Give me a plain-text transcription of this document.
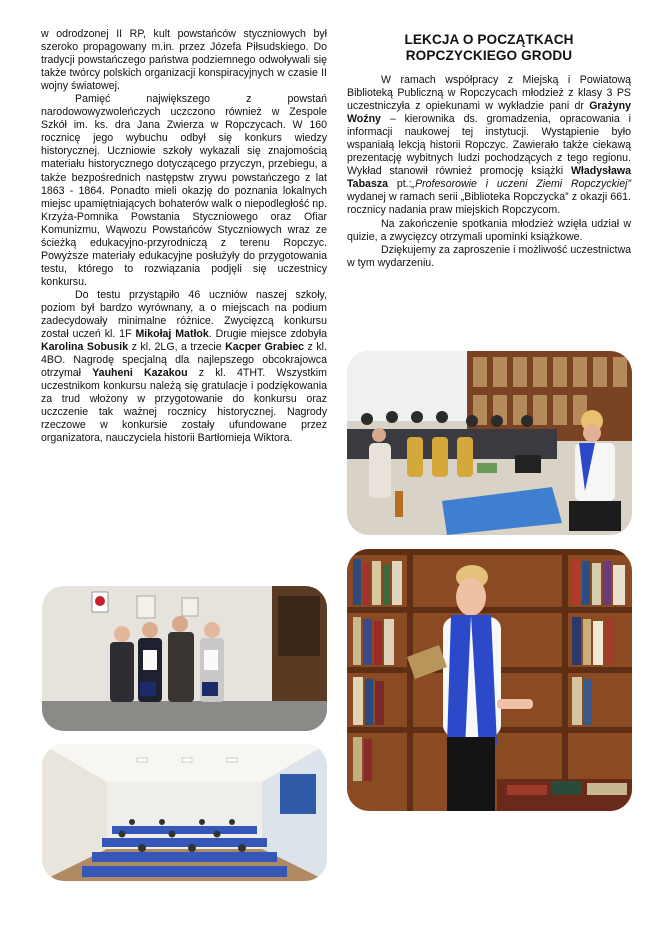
w odrodzonej II RP, kult powstańców styczniowych był szeroko propagowany m.in. przez Józefa Piłsudskiego. Do tradycji powstańczego państwa podziemnego odwoływali się także twórcy polskich organizacji konspiracyjnych w czasie II wojny światowej.

Pamięć największego z powstań narodowowyzwoleńczych uczczono również w Zespole Szkół im. ks. dra Jana Zwierza w Ropczycach. W 160 rocznicę jego wybuchu odbył się konkurs wiedzy historycznej. Uczniowie szkoły wykazali się znajomością materiału historycznego dotyczącego przyczyn, przebiegu, a także bezpośrednich następstw zrywu powstańczego z lat 1863 - 1864. Ponadto mieli okazję do poznania lokalnych miejsc upamiętniających bohaterów walk o niepodległość np. Krzyża-Pomnika Powstania Styczniowego oraz Ofiar Komunizmu, Wąwozu Powstańców Styczniowych wraz ze ścieżką edukacyjno-przyrodniczą z terenu Ropczyc. Powyższe materiały edukacyjne posłużyły do przygotowania testu, którego to rozwiązania podjęli się uczestnicy konkursu.

Do testu przystąpiło 46 uczniów naszej szkoły, poziom był bardzo wyrównany, a o miejscach na podium zadecydowały minimalne różnice. Zwycięzcą konkursu został uczeń kl. 1F Mikołaj Matłok. Drugie miejsce zdobyła Karolina Sobusik z kl. 2LG, a trzecie Kacper Grabiec z kl. 4BO. Nagrodę specjalną dla najlepszego obcokrajowca otrzymał Yauheni Kazakou z kl. 4THT. Wszystkim uczestnikom konkursu należą się gratulacje i podziękowania za trud włożony w przygotowanie do konkursu oraz uczczenie tak ważnej rocznicy historycznej. Nagrody rzeczowe w konkursie zostały ufundowane przez organizatora, nauczyciela historii Bartłomieja Wiktora.

LEKCJA O POCZĄTKACH
ROPCZYCKIEGO GRODU

W ramach współpracy z Miejską i Powiatową Biblioteką Publiczną w Ropczycach młodzież z klasy 3 PS uczestniczyła z opiekunami w wykładzie pani dr Grażyny Woźny – kierownika ds. gromadzenia, opracowania i informacji naukowej tej instytucji. Wystąpienie było wspaniałą lekcją historii Ropczyc. Zawierało także ciekawą prezentację wybitnych ludzi pochodzących z tego regionu. Wykład stanowił również promocję książki Władysława Tabasza pt.:„Profesorowie i uczeni Ziemi Ropczyckiej” wydanej w ramach serii „Biblioteka Ropczycka” z okazji 661. rocznicy nadania praw miejskich Ropczycom.

Na zakończenie spotkania młodzież wzięła udział w quizie, a zwycięzcy otrzymali upominki książkowe.

Dziękujemy za zaproszenie i możliwość uczestnictwa w tym wydarzeniu.
